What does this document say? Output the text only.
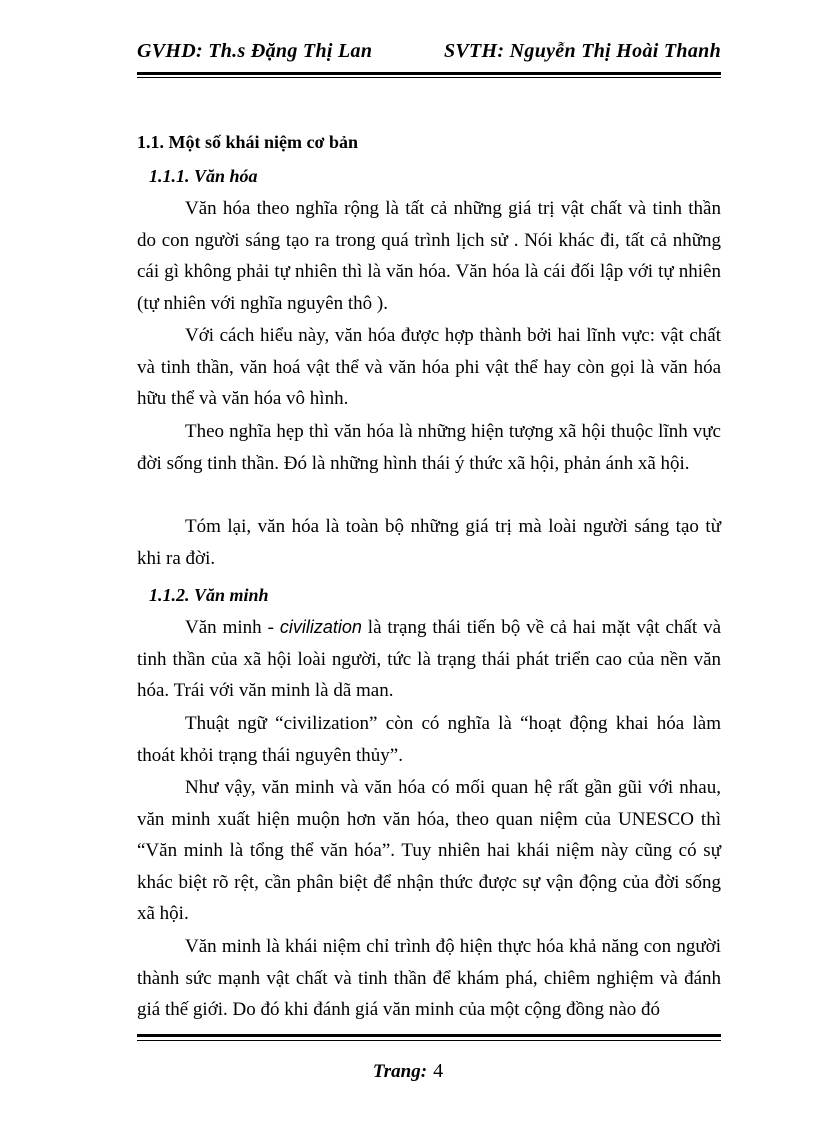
GVHD: Th.s Đặng Thị Lan	SVTH: Nguyễn Thị Hoài Thanh
1.1. Một số khái niệm cơ bản
1.1.1. Văn hóa

Văn hóa theo nghĩa rộng là tất cả những giá trị vật chất và tinh thần do con người sáng tạo ra trong quá trình lịch sử . Nói khác đi, tất cả những cái gì không phải tự nhiên thì là văn hóa. Văn hóa là cái đối lập với tự nhiên (tự nhiên với nghĩa nguyên thô ).

Với cách hiểu này, văn hóa được hợp thành bởi hai lĩnh vực: vật chất và tinh thần, văn hoá vật thể và văn hóa phi vật thể hay còn gọi là văn hóa hữu thể và văn hóa vô hình.

Theo nghĩa hẹp thì văn hóa là những hiện tượng xã hội thuộc lĩnh vực đời sống tinh thần. Đó là những hình thái ý thức xã hội, phản ánh xã hội.

Tóm lại, văn hóa là toàn bộ những giá trị mà loài người sáng tạo từ khi ra đời.

1.1.2. Văn minh

Văn minh - civilization là trạng thái tiến bộ về cả hai mặt vật chất và tinh thần của xã hội loài người, tức là trạng thái phát triển cao của nền văn hóa. Trái với văn minh là dã man.

Thuật ngữ “civilization” còn có nghĩa là “hoạt động khai hóa làm thoát khỏi trạng thái nguyên thủy”.

Như vậy, văn minh và văn hóa có mối quan hệ rất gần gũi với nhau, văn minh xuất hiện muộn hơn văn hóa, theo quan niệm của UNESCO thì “Văn minh là tổng thể văn hóa”. Tuy nhiên hai khái niệm này cũng có sự khác biệt rõ rệt, cần phân biệt để nhận thức được sự vận động của đời sống xã hội.

Văn minh là khái niệm chỉ trình độ hiện thực hóa khả năng con người thành sức mạnh vật chất và tinh thần để khám phá, chiêm nghiệm và đánh giá thế giới. Do đó khi đánh giá văn minh của một cộng đồng nào đó

Trang: 4
